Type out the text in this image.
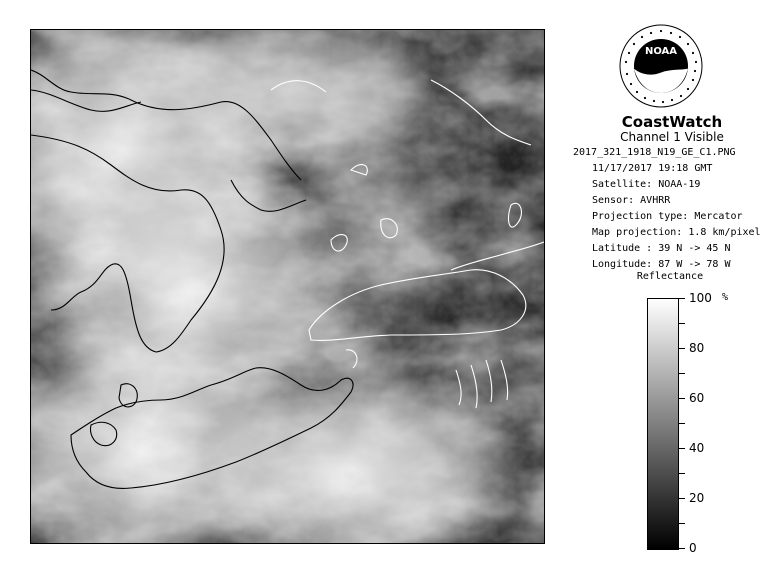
NOAA
CoastWatch
Channel 1 Visible
2017_321_1918_N19_GE_C1.PNG
11/17/2017 19:18 GMT
Satellite: NOAA-19
Sensor: AVHRR
Projection type: Mercator
Map projection: 1.8 km/pixel
Latitude : 39 N -> 45 N
Longitude: 87 W -> 78 W
Reflectance
%
100
80
60
40
20
0
